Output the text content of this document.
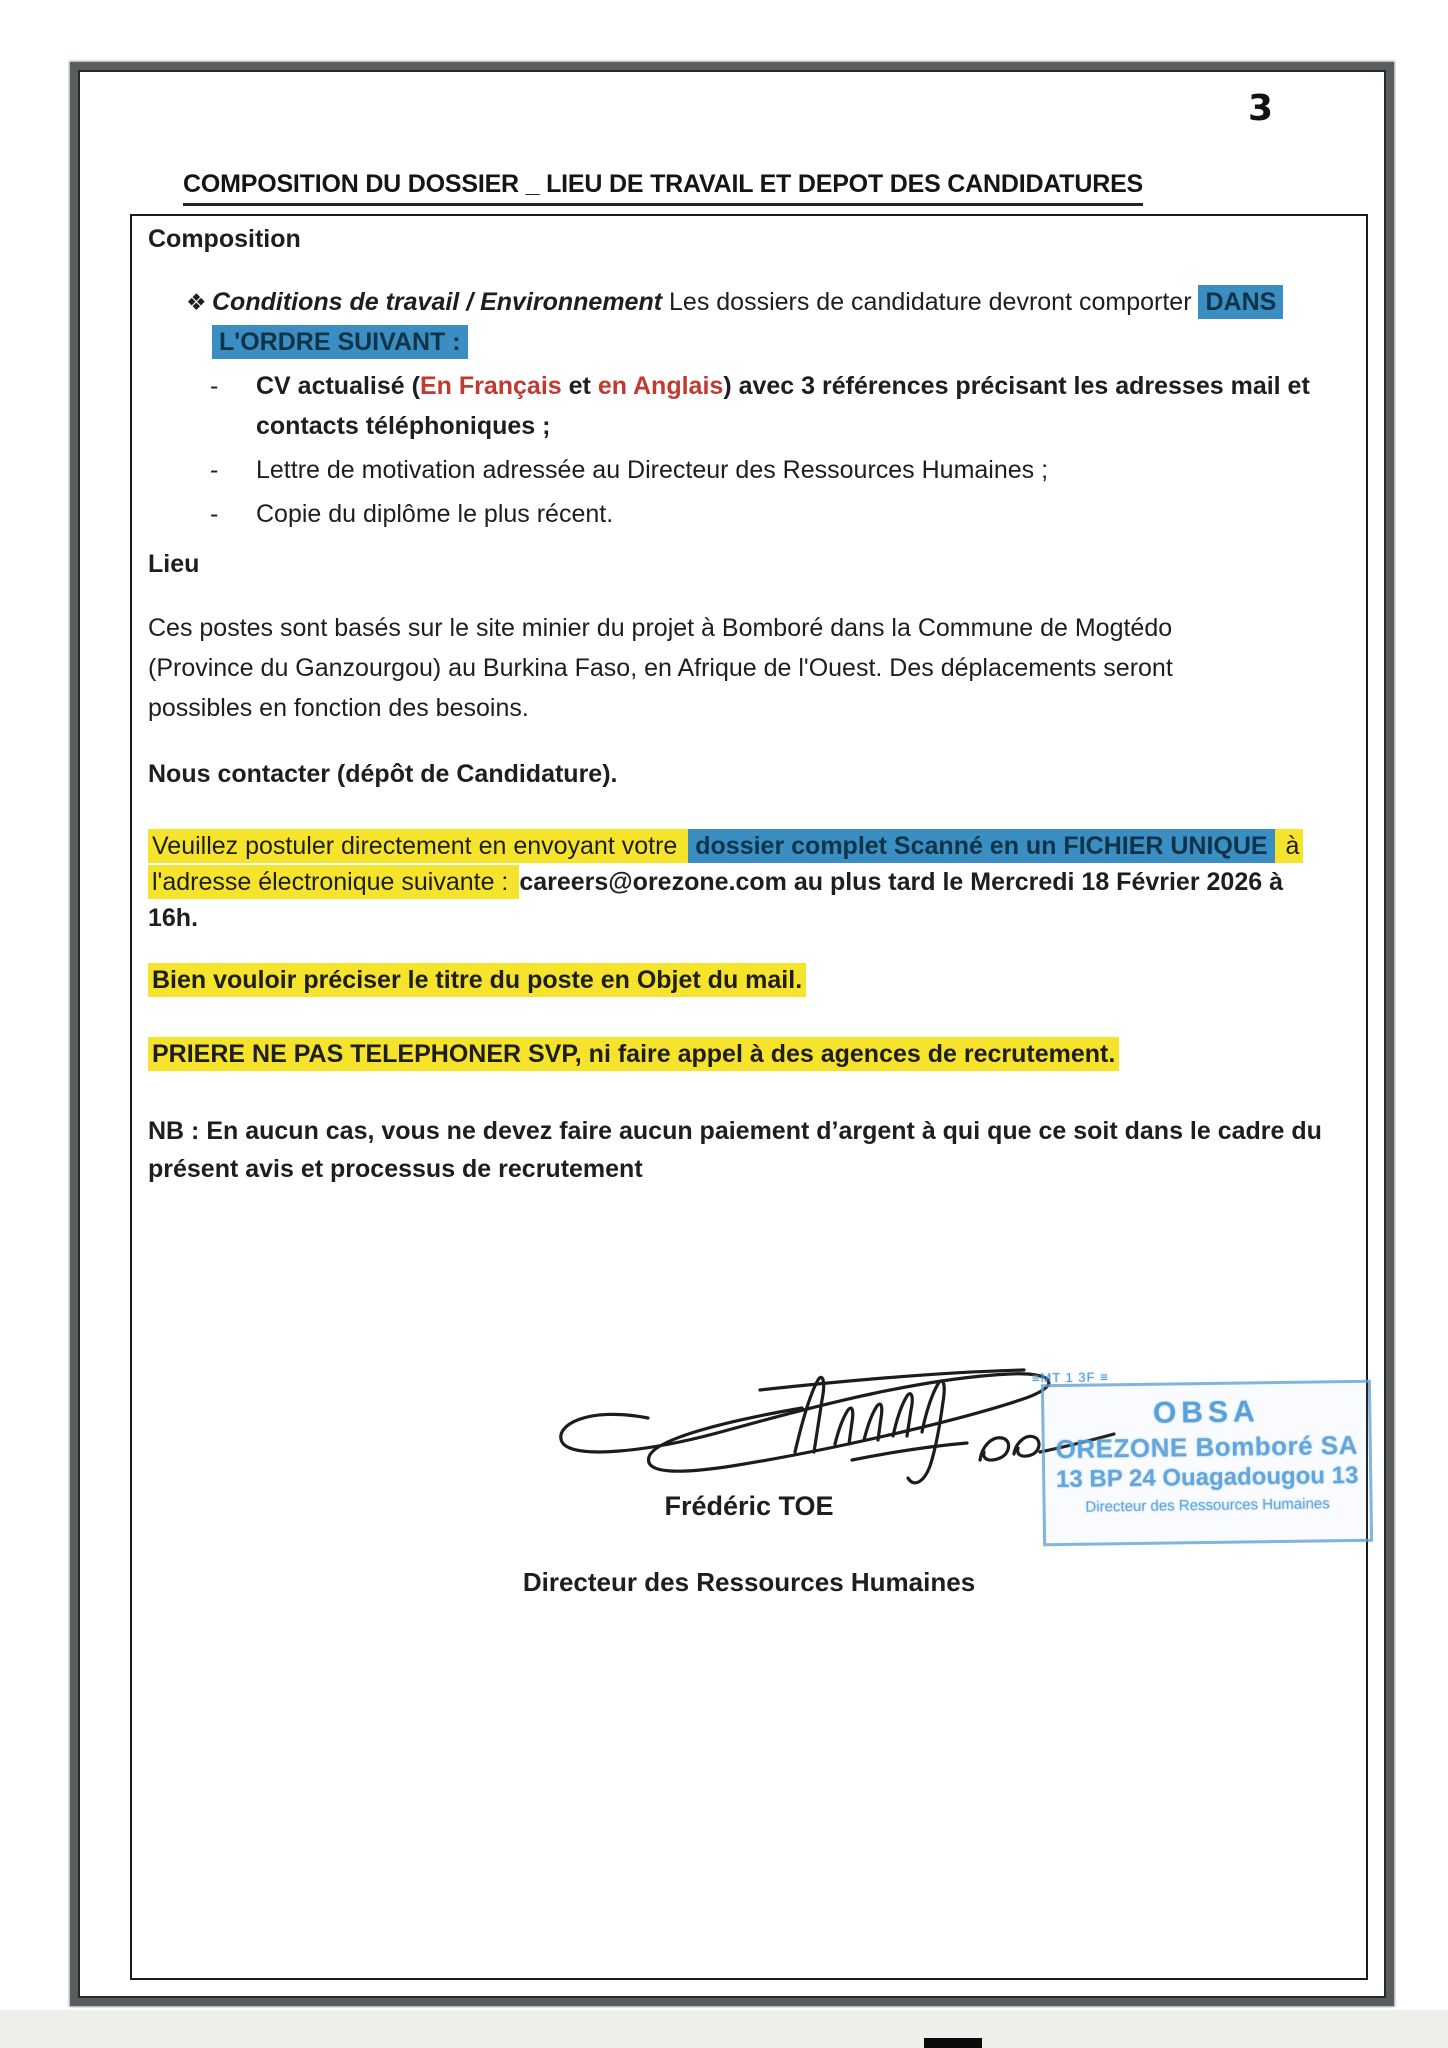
3
COMPOSITION DU DOSSIER _ LIEU DE TRAVAIL ET DEPOT DES CANDIDATURES
Composition
❖ Conditions de travail / Environnement Les dossiers de candidature devront comporter DANS
L'ORDRE SUIVANT :
- CV actualisé (En Français et en Anglais) avec 3 références précisant les adresses mail et contacts téléphoniques ;
- Lettre de motivation adressée au Directeur des Ressources Humaines ;
- Copie du diplôme le plus récent.
Lieu
Ces postes sont basés sur le site minier du projet à Bomboré dans la Commune de Mogtédo (Province du Ganzourgou) au Burkina Faso, en Afrique de l'Ouest. Des déplacements seront possibles en fonction des besoins.
Nous contacter (dépôt de Candidature).
Veuillez postuler directement en envoyant votre dossier complet Scanné en un FICHIER UNIQUE à
l'adresse électronique suivante : careers@orezone.com au plus tard le Mercredi 18 Février 2026 à
16h.
Bien vouloir préciser le titre du poste en Objet du mail.
PRIERE NE PAS TELEPHONER SVP, ni faire appel à des agences de recrutement.
NB : En aucun cas, vous ne devez faire aucun paiement d’argent à qui que ce soit dans le cadre du présent avis et processus de recrutement
≡MT 1 3F ≡
OBSA
OREZONE Bomboré SA
13 BP 24 Ouagadougou 13
Directeur des Ressources Humaines
Frédéric TOE
Directeur des Ressources Humaines
